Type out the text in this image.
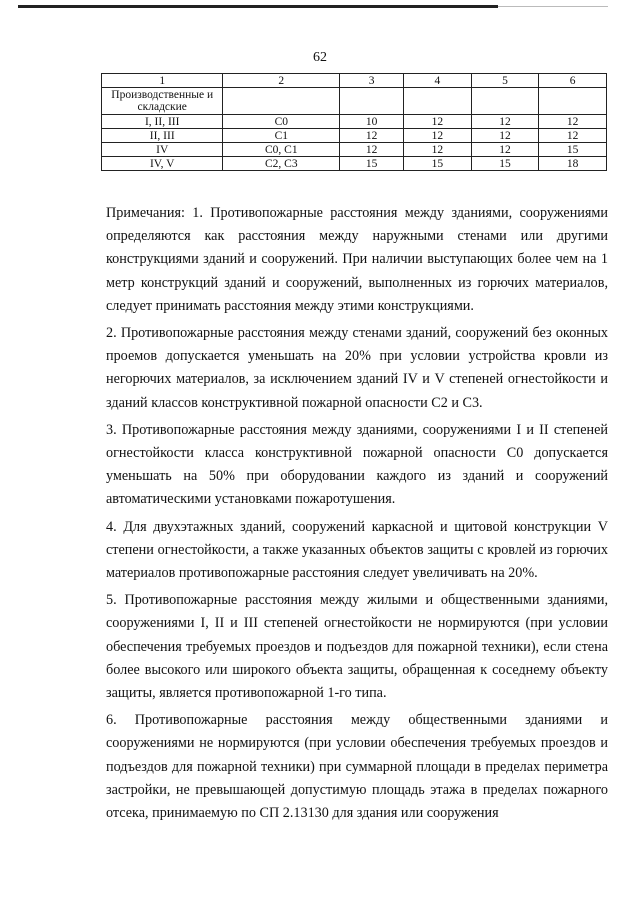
62
1	2	3	4	5	6
Производственные и складские					
I, II, III	C0	10	12	12	12
II, III	C1	12	12	12	12
IV	C0, C1	12	12	12	15
IV, V	C2, C3	15	15	15	18

Примечания: 1. Противопожарные расстояния между зданиями, сооружениями определяются как расстояния между наружными стенами или другими конструкциями зданий и сооружений. При наличии выступающих более чем на 1 метр конструкций зданий и сооружений, выполненных из горючих материалов, следует принимать расстояния между этими конструкциями.

2. Противопожарные расстояния между стенами зданий, сооружений без оконных проемов допускается уменьшать на 20% при условии устройства кровли из негорючих материалов, за исключением зданий IV и V степеней огнестойкости и зданий классов конструктивной пожарной опасности С2 и С3.

3. Противопожарные расстояния между зданиями, сооружениями I и II степеней огнестойкости класса конструктивной пожарной опасности С0 допускается уменьшать на 50% при оборудовании каждого из зданий и сооружений автоматическими установками пожаротушения.

4. Для двухэтажных зданий, сооружений каркасной и щитовой конструкции V степени огнестойкости, а также указанных объектов защиты с кровлей из горючих материалов противопожарные расстояния следует увеличивать на 20%.

5. Противопожарные расстояния между жилыми и общественными зданиями, сооружениями I, II и III степеней огнестойкости не нормируются (при условии обеспечения требуемых проездов и подъездов для пожарной техники), если стена более высокого или широкого объекта защиты, обращенная к соседнему объекту защиты, является противопожарной 1-го типа.

6. Противопожарные расстояния между общественными зданиями и сооружениями не нормируются (при условии обеспечения требуемых проездов и подъездов для пожарной техники) при суммарной площади в пределах периметра застройки, не превышающей допустимую площадь этажа в пределах пожарного отсека, принимаемую по СП 2.13130 для здания или сооружения
